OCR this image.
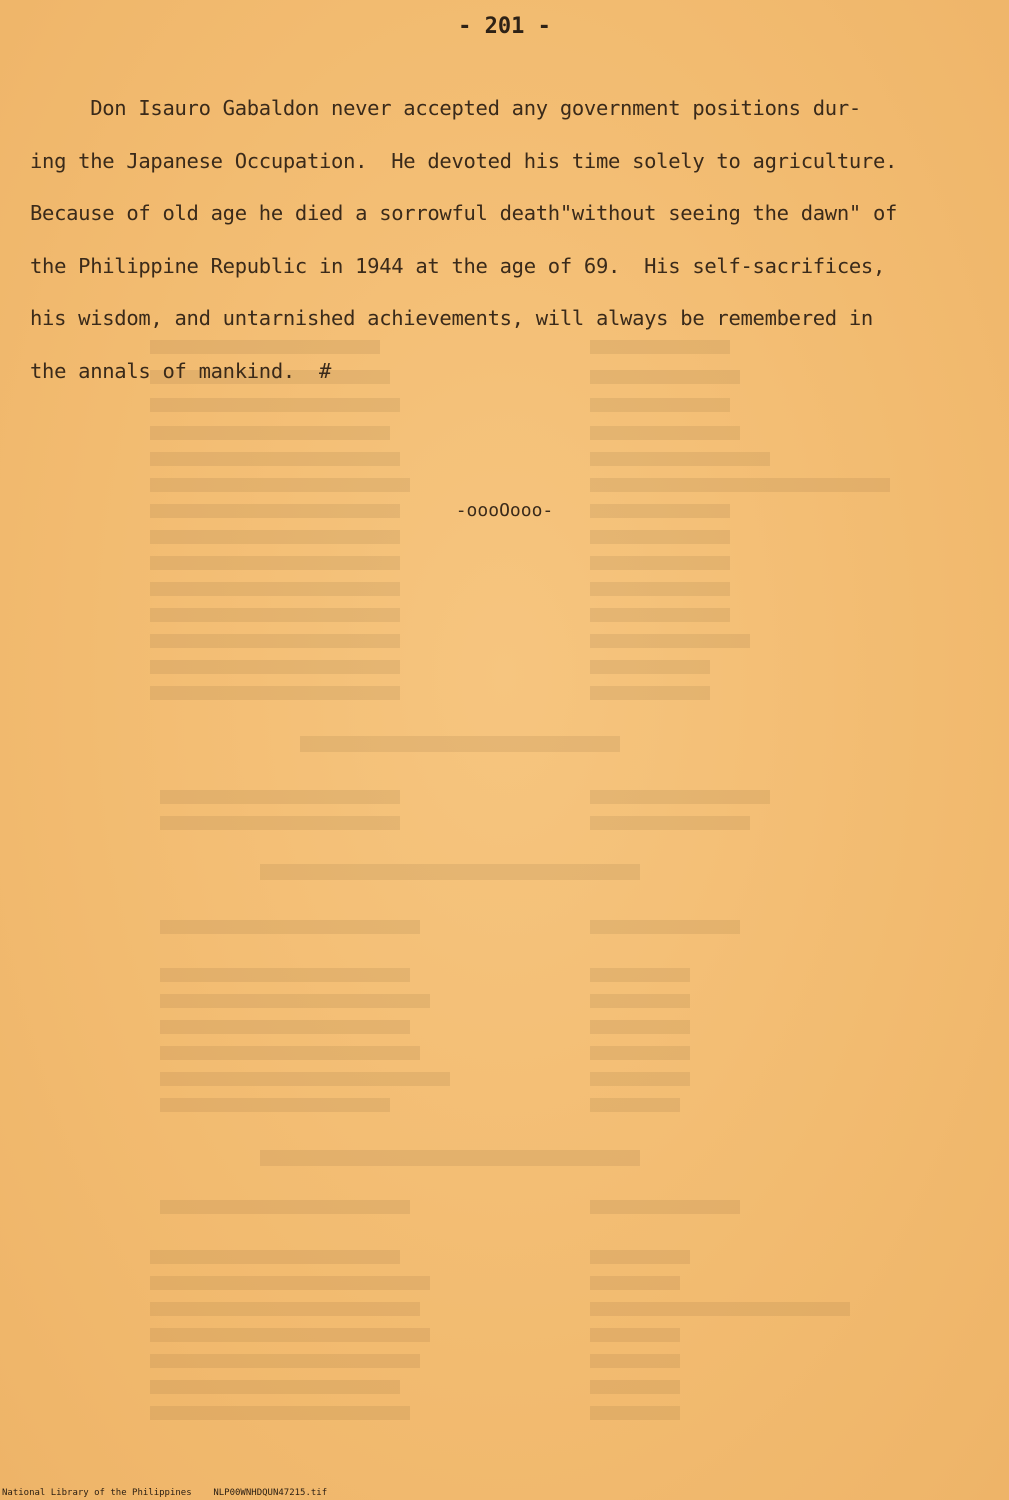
- 201 -

Don Isauro Gabaldon never accepted any government positions dur-
ing the Japanese Occupation.  He devoted his time solely to agriculture.
Because of old age he died a sorrowful death"without seeing the dawn" of
the Philippine Republic in 1944 at the age of 69.  His self-sacrifices,
his wisdom, and untarnished achievements, will always be remembered in
the annals of mankind.  #

-oooOooo-
National Library of the Philippines NLP00WNHDQUN47215.tif
